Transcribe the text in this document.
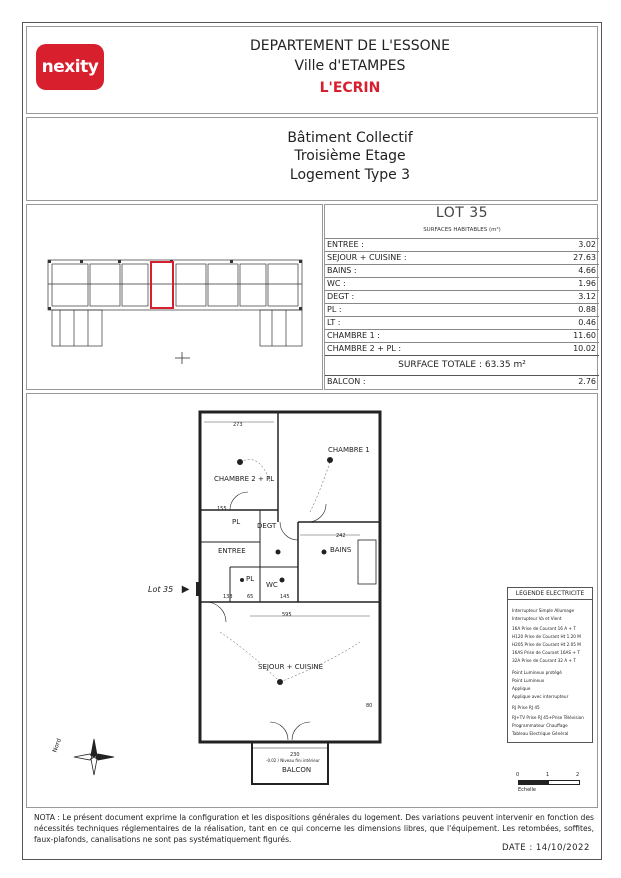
nexity
DEPARTEMENT DE L'ESSONE
Ville d'ETAMPES
L'ECRIN
Bâtiment Collectif
Troisième Etage
Logement Type 3
LOT 35
SURFACES HABITABLES (m²)
ENTREE :	3.02
SEJOUR + CUISINE :	27.63
BAINS :	4.66
WC :	1.96
DEGT :	3.12
PL :	0.88
LT :	0.46
CHAMBRE 1 :	11.60
CHAMBRE 2 + PL :	10.02
SURFACE TOTALE : 63.35 m²
BALCON :	2.76
CHAMBRE 1
CHAMBRE 2 + PL
DEGT
PL
ENTREE	BAINS
PL
WC
SEJOUR + CUISINE
BALCON
273
155
242
133	65	145
595
80
230
-0.02 / Niveau fini intérieur
Lot 35 ▶
Nord
LEGENDE ELECTRICITE
Interrupteur Simple Allumage
Interrupteur Va et Vient
16A Prise de Courant 16 A + T
H120 Prise de Courant Ht 1.20 M
H205 Prise de Courant Ht 2.05 M
16AS Prise de Courant 16AS + T
32A Prise de Courant 32 A + T
Point Lumineux protégé
Point Lumineux
Applique
Applique avec interrupteur
RJ Prise RJ 45
RJ+TV Prise RJ 45+Prise Télévision
Programmateur Chauffage
Tableau Electrique Général
0	1	2
Echelle
NOTA : Le présent document exprime la configuration et les dispositions générales du logement. Des variations peuvent intervenir en fonction des nécessités techniques réglementaires de la réalisation, tant en ce qui concerne les dimensions libres, que l'équipement. Les retombées, soffites, faux-plafonds, canalisations ne sont pas systématiquement figurés.
DATE : 14/10/2022
